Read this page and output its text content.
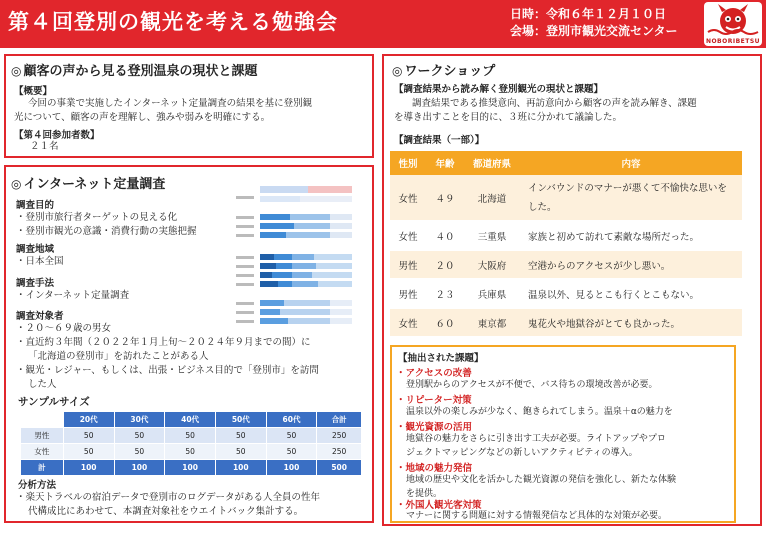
第４回登別の観光を考える勉強会	日時：令和６年１２月１０日
会場：登別市観光交流センター
NOBORIBETSU
◎ 顧客の声から見る登別温泉の現状と課題
【概要】
今回の事業で実施したインターネット定量調査の結果を基に登別観
光について、顧客の声を理解し、強みや弱みを明確にする。
【第４回参加者数】
２１名
◎ インターネット定量調査
調査目的
・登別市旅行者ターゲットの見える化
・登別市観光の意識・消費行動の実態把握
調査地域
・日本全国
調査手法
・インターネット定量調査
調査対象者
・２０～６９歳の男女
・直近約３年間（２０２２年１月上旬～２０２４年９月までの間）に
「北海道の登別市」を訪れたことがある人
・観光・レジャー、もしくは、出張・ビジネス目的で「登別市」を訪問
した人
サンプルサイズ
	20代	30代	40代	50代	60代	合計
男性	50	50	50	50	50	250
女性	50	50	50	50	50	250
計	100	100	100	100	100	500
分析方法
・楽天トラベルの宿泊データで登別市のログデータがある人全員の性年
代構成比にあわせて、本調査対象社をウエイトバック集計する。
◎ ワークショップ
【調査結果から読み解く登別観光の現状と課題】
調査結果である推奨意向、再訪意向から顧客の声を読み解き、課題
を導き出すことを目的に、３班に分かれて議論した。
【調査結果（一部）】
性別	年齢	都道府県	内容
女性	４９	北海道	インバウンドのマナーが悪くて不愉快な思いをした。
女性	４０	三重県	家族と初めて訪れて素敵な場所だった。
男性	２０	大阪府	空港からのアクセスが少し悪い。
男性	２３	兵庫県	温泉以外、見るとこも行くとこもない。
女性	６０	東京都	鬼花火や地獄谷がとても良かった。
【抽出された課題】
・アクセスの改善
登別駅からのアクセスが不便で、バス待ちの環境改善が必要。
・リピーター対策
温泉以外の楽しみが少なく、飽きられてしまう。温泉＋αの魅力を
・観光資源の活用
地獄谷の魅力をさらに引き出す工夫が必要。ライトアップやプロ
ジェクトマッピングなどの新しいアクティビティの導入。
・地域の魅力発信
地域の歴史や文化を活かした観光資源の発信を強化し、新たな体験
を提供。
・外国人観光客対策
マナーに関する問題に対する情報発信など具体的な対策が必要。
